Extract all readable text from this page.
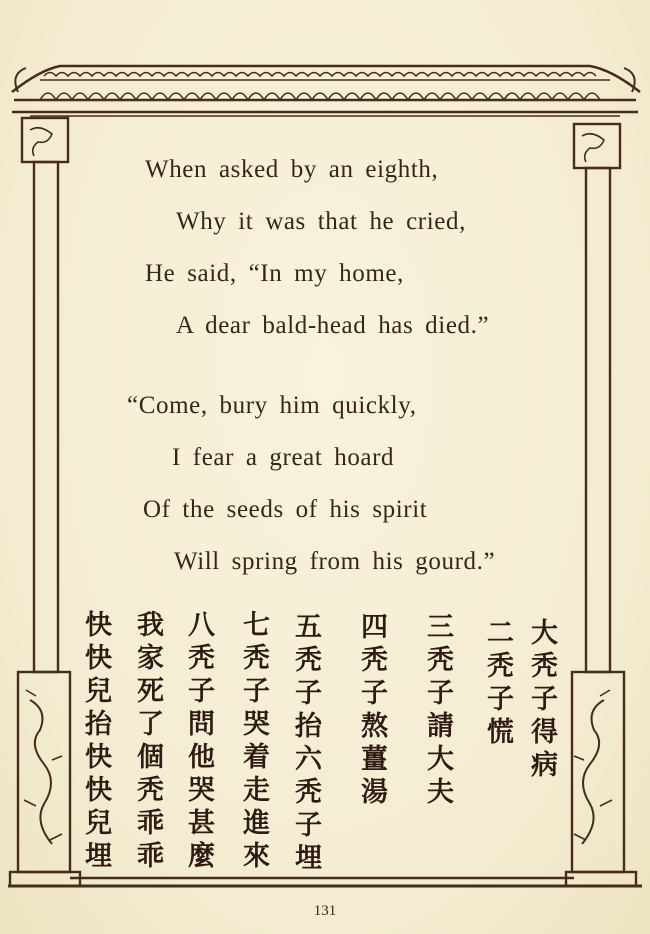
When asked by an eighth,
Why it was that he cried,
He said, “In my home,
A dear bald-head has died.”
“Come, bury him quickly,
I fear a great hoard
Of the seeds of his spirit
Will spring from his gourd.”
大秃子得病
二秃子慌
三秃子請大夫
四秃子熬薑湯
五秃子抬六秃子埋
七秃子哭着走進來
八秃子問他哭甚麼
我家死了個秃乖乖
快快兒抬快快兒埋
131
